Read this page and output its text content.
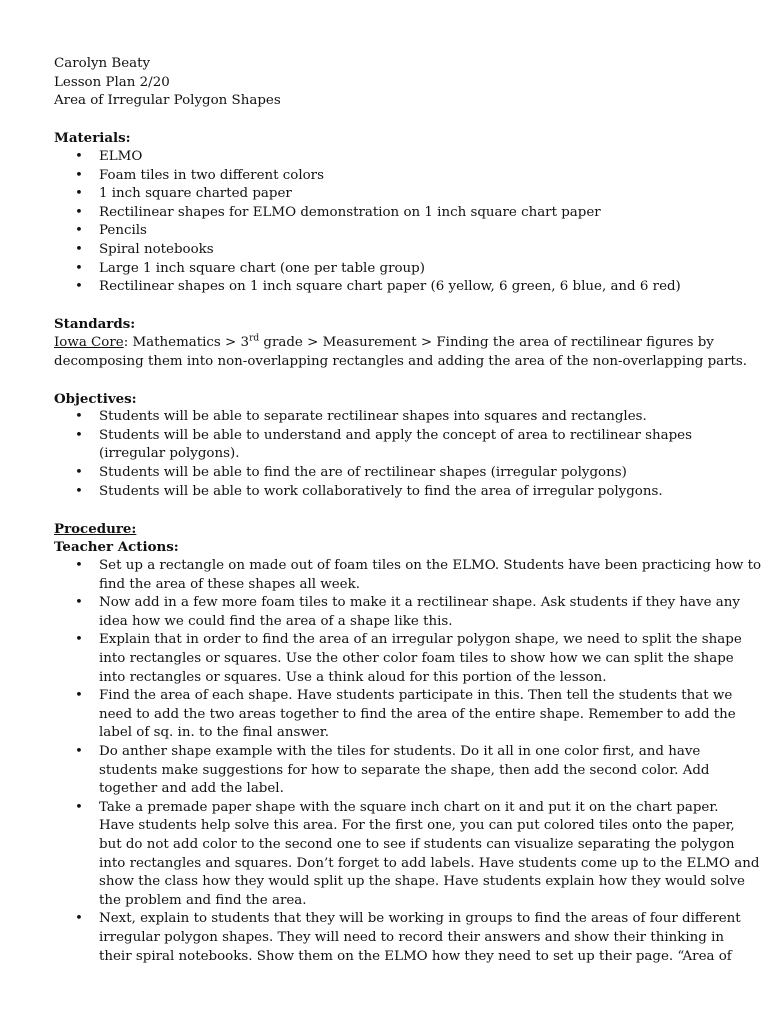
Carolyn Beaty
Lesson Plan 2/20
Area of Irregular Polygon Shapes
Materials:
• ELMO
• Foam tiles in two different colors
• 1 inch square charted paper
• Rectilinear shapes for ELMO demonstration on 1 inch square chart paper
• Pencils
• Spiral notebooks
• Large 1 inch square chart (one per table group)
• Rectilinear shapes on 1 inch square chart paper (6 yellow, 6 green, 6 blue, and 6 red)
Standards:
Iowa Core: Mathematics > 3rd grade > Measurement > Finding the area of rectilinear figures by
decomposing them into non-overlapping rectangles and adding the area of the non-overlapping parts.
Objectives:
• Students will be able to separate rectilinear shapes into squares and rectangles.
• Students will be able to understand and apply the concept of area to rectilinear shapes
(irregular polygons).
• Students will be able to find the are of rectilinear shapes (irregular polygons)
• Students will be able to work collaboratively to find the area of irregular polygons.
Procedure:
Teacher Actions:
• Set up a rectangle on made out of foam tiles on the ELMO. Students have been practicing how to
find the area of these shapes all week.
• Now add in a few more foam tiles to make it a rectilinear shape. Ask students if they have any
idea how we could find the area of a shape like this.
• Explain that in order to find the area of an irregular polygon shape, we need to split the shape
into rectangles or squares. Use the other color foam tiles to show how we can split the shape
into rectangles or squares. Use a think aloud for this portion of the lesson.
• Find the area of each shape. Have students participate in this. Then tell the students that we
need to add the two areas together to find the area of the entire shape. Remember to add the
label of sq. in. to the final answer.
• Do anther shape example with the tiles for students. Do it all in one color first, and have
students make suggestions for how to separate the shape, then add the second color. Add
together and add the label.
• Take a premade paper shape with the square inch chart on it and put it on the chart paper.
Have students help solve this area. For the first one, you can put colored tiles onto the paper,
but do not add color to the second one to see if students can visualize separating the polygon
into rectangles and squares. Don’t forget to add labels. Have students come up to the ELMO and
show the class how they would split up the shape. Have students explain how they would solve
the problem and find the area.
• Next, explain to students that they will be working in groups to find the areas of four different
irregular polygon shapes. They will need to record their answers and show their thinking in
their spiral notebooks. Show them on the ELMO how they need to set up their page. “Area of
